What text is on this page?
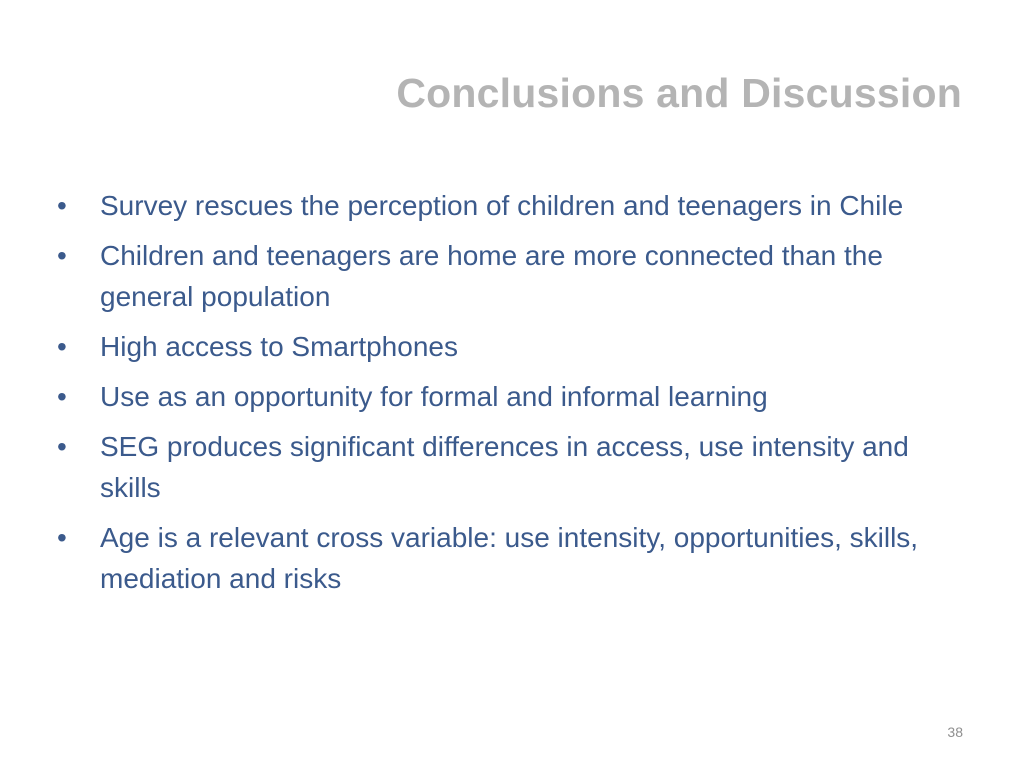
Conclusions and Discussion
•	Survey rescues the perception of children and teenagers in Chile
•	Children and teenagers are home are more connected than the general population
•	High access to Smartphones
•	Use as an opportunity for formal and informal learning
•	SEG produces significant differences in access, use intensity and skills
•	Age is a relevant cross variable: use intensity, opportunities, skills, mediation and risks
38
